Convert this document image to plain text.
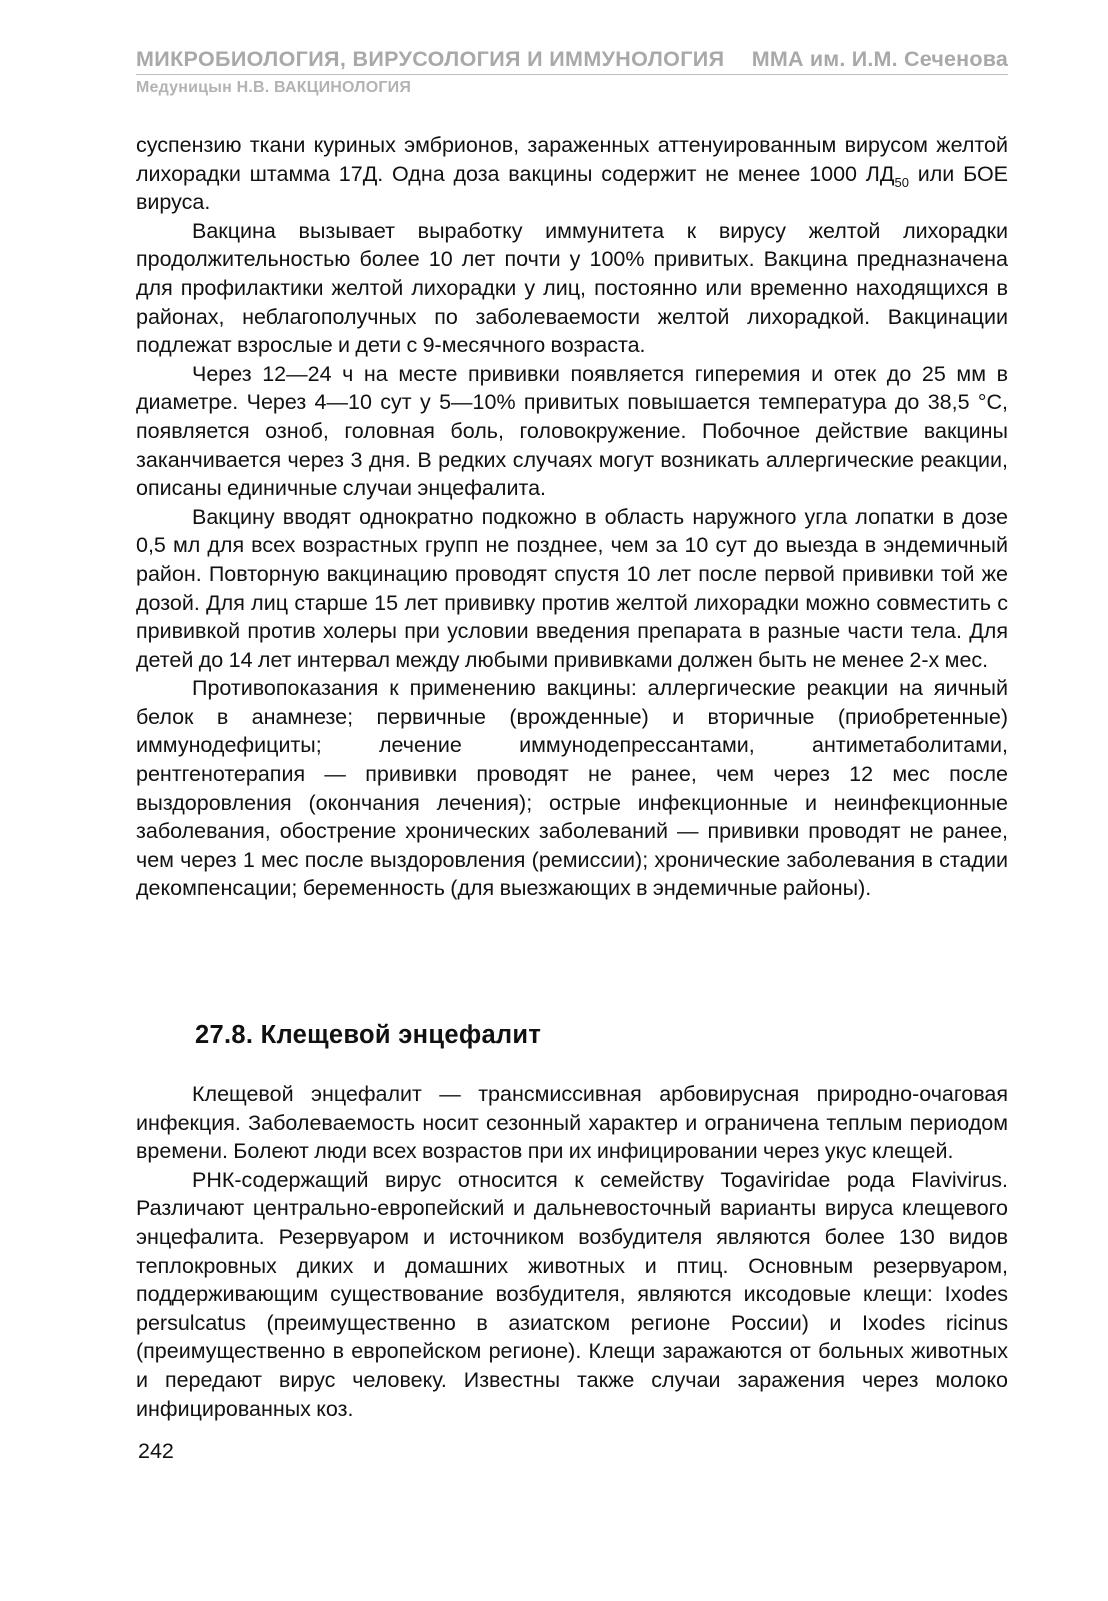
МИКРОБИОЛОГИЯ, ВИРУСОЛОГИЯ И ИММУНОЛОГИЯ ММА им. И.М. Сеченова
Медуницын Н.В. ВАКЦИНОЛОГИЯ

суспензию ткани куриных эмбрионов, зараженных аттенуированным вирусом желтой лихорадки штамма 17Д. Одна доза вакцины содержит не менее 1000 $ЛД_{50}$ или БОЕ вируса.

Вакцина вызывает выработку иммунитета к вирусу желтой лихорадки продолжительностью более 10 лет почти у 100% привитых. Вакцина предназначена для профилактики желтой лихорадки у лиц, постоянно или временно находящихся в районах, неблагополучных по заболеваемости желтой лихорадкой. Вакцинации подлежат взрослые и дети с 9-месячного возраста.

Через 12—24 ч на месте прививки появляется гиперемия и отек до 25 мм в диаметре. Через 4—10 сут у 5—10% привитых повышается температура до 38,5 °С, появляется озноб, головная боль, головокружение. Побочное действие вакцины заканчивается через 3 дня. В редких случаях могут возникать аллергические реакции, описаны единичные случаи энцефалита.

Вакцину вводят однократно подкожно в область наружного угла лопатки в дозе 0,5 мл для всех возрастных групп не позднее, чем за 10 сут до выезда в эндемичный район. Повторную вакцинацию проводят спустя 10 лет после первой прививки той же дозой. Для лиц старше 15 лет прививку против желтой лихорадки можно совместить с прививкой против холеры при условии введения препарата в разные части тела. Для детей до 14 лет интервал между любыми прививками должен быть не менее 2-х мес.

Противопоказания к применению вакцины: аллергические реакции на яичный белок в анамнезе; первичные (врожденные) и вторичные (приобретенные) иммунодефициты; лечение иммунодепрессантами, антиметаболитами, рентгенотерапия — прививки проводят не ранее, чем через 12 мес после выздоровления (окончания лечения); острые инфекционные и неинфекционные заболевания, обострение хронических заболеваний — прививки проводят не ранее, чем через 1 мес после выздоровления (ремиссии); хронические заболевания в стадии декомпенсации; беременность (для выезжающих в эндемичные районы).

27.8. Клещевой энцефалит

Клещевой энцефалит — трансмиссивная арбовирусная природно-очаговая инфекция. Заболеваемость носит сезонный характер и ограничена теплым периодом времени. Болеют люди всех возрастов при их инфицировании через укус клещей.

РНК-содержащий вирус относится к семейству Togaviridae рода Flavivirus. Различают центрально-европейский и дальневосточный варианты вируса клещевого энцефалита. Резервуаром и источником возбудителя являются более 130 видов теплокровных диких и домашних животных и птиц. Основным резервуаром, поддерживающим существование возбудителя, являются иксодовые клещи: Ixodes persulcatus (преимущественно в азиатском регионе России) и Ixodes ricinus (преимущественно в европейском регионе). Клещи заражаются от больных животных и передают вирус человеку. Известны также случаи заражения через молоко инфицированных коз.

242
